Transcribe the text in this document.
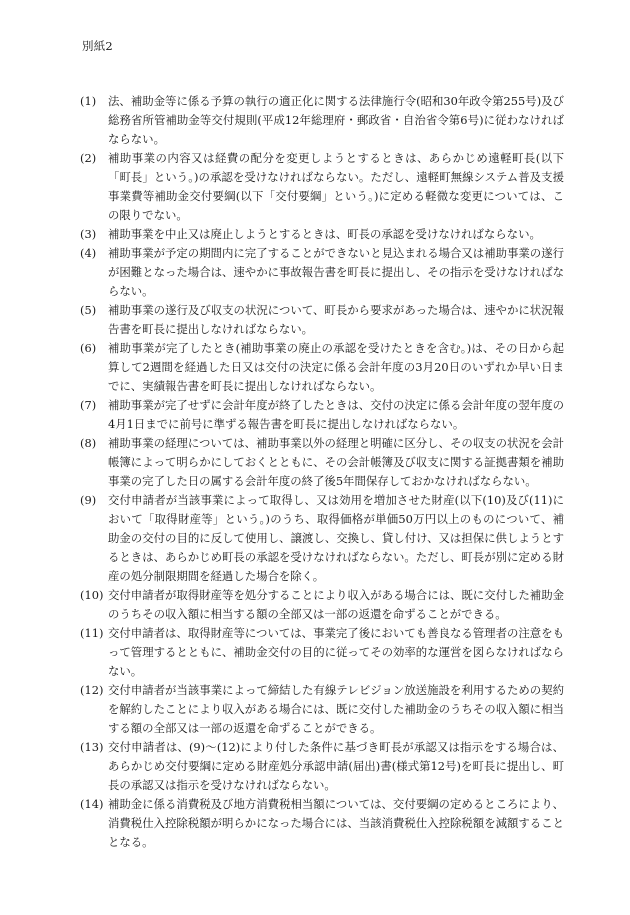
別紙2
(1) 法、補助金等に係る予算の執行の適正化に関する法律施行令(昭和30年政令第255号)及び総務省所管補助金等交付規則(平成12年総理府・郵政省・自治省令第6号)に従わなければならない。
(2) 補助事業の内容又は経費の配分を変更しようとするときは、あらかじめ遠軽町長(以下「町長」という。)の承認を受けなければならない。ただし、遠軽町無線システム普及支援事業費等補助金交付要綱(以下「交付要綱」という。)に定める軽微な変更については、この限りでない。
(3) 補助事業を中止又は廃止しようとするときは、町長の承認を受けなければならない。
(4) 補助事業が予定の期間内に完了することができないと見込まれる場合又は補助事業の遂行が困難となった場合は、速やかに事故報告書を町長に提出し、その指示を受けなければならない。
(5) 補助事業の遂行及び収支の状況について、町長から要求があった場合は、速やかに状況報告書を町長に提出しなければならない。
(6) 補助事業が完了したとき(補助事業の廃止の承認を受けたときを含む。)は、その日から起算して2週間を経過した日又は交付の決定に係る会計年度の3月20日のいずれか早い日までに、実績報告書を町長に提出しなければならない。
(7) 補助事業が完了せずに会計年度が終了したときは、交付の決定に係る会計年度の翌年度の4月1日までに前号に準ずる報告書を町長に提出しなければならない。
(8) 補助事業の経理については、補助事業以外の経理と明確に区分し、その収支の状況を会計帳簿によって明らかにしておくとともに、その会計帳簿及び収支に関する証拠書類を補助事業の完了した日の属する会計年度の終了後5年間保存しておかなければならない。
(9) 交付申請者が当該事業によって取得し、又は効用を増加させた財産(以下(10)及び(11)において「取得財産等」という。)のうち、取得価格が単価50万円以上のものについて、補助金の交付の目的に反して使用し、譲渡し、交換し、貸し付け、又は担保に供しようとするときは、あらかじめ町長の承認を受けなければならない。ただし、町長が別に定める財産の処分制限期間を経過した場合を除く。
(10) 交付申請者が取得財産等を処分することにより収入がある場合には、既に交付した補助金のうちその収入額に相当する額の全部又は一部の返還を命ずることができる。
(11) 交付申請者は、取得財産等については、事業完了後においても善良なる管理者の注意をもって管理するとともに、補助金交付の目的に従ってその効率的な運営を図らなければならない。
(12) 交付申請者が当該事業によって締結した有線テレビジョン放送施設を利用するための契約を解約したことにより収入がある場合には、既に交付した補助金のうちその収入額に相当する額の全部又は一部の返還を命ずることができる。
(13) 交付申請者は、(9)～(12)により付した条件に基づき町長が承認又は指示をする場合は、あらかじめ交付要綱に定める財産処分承認申請(届出)書(様式第12号)を町長に提出し、町長の承認又は指示を受けなければならない。
(14) 補助金に係る消費税及び地方消費税相当額については、交付要綱の定めるところにより、消費税仕入控除税額が明らかになった場合には、当該消費税仕入控除税額を減額することとなる。
